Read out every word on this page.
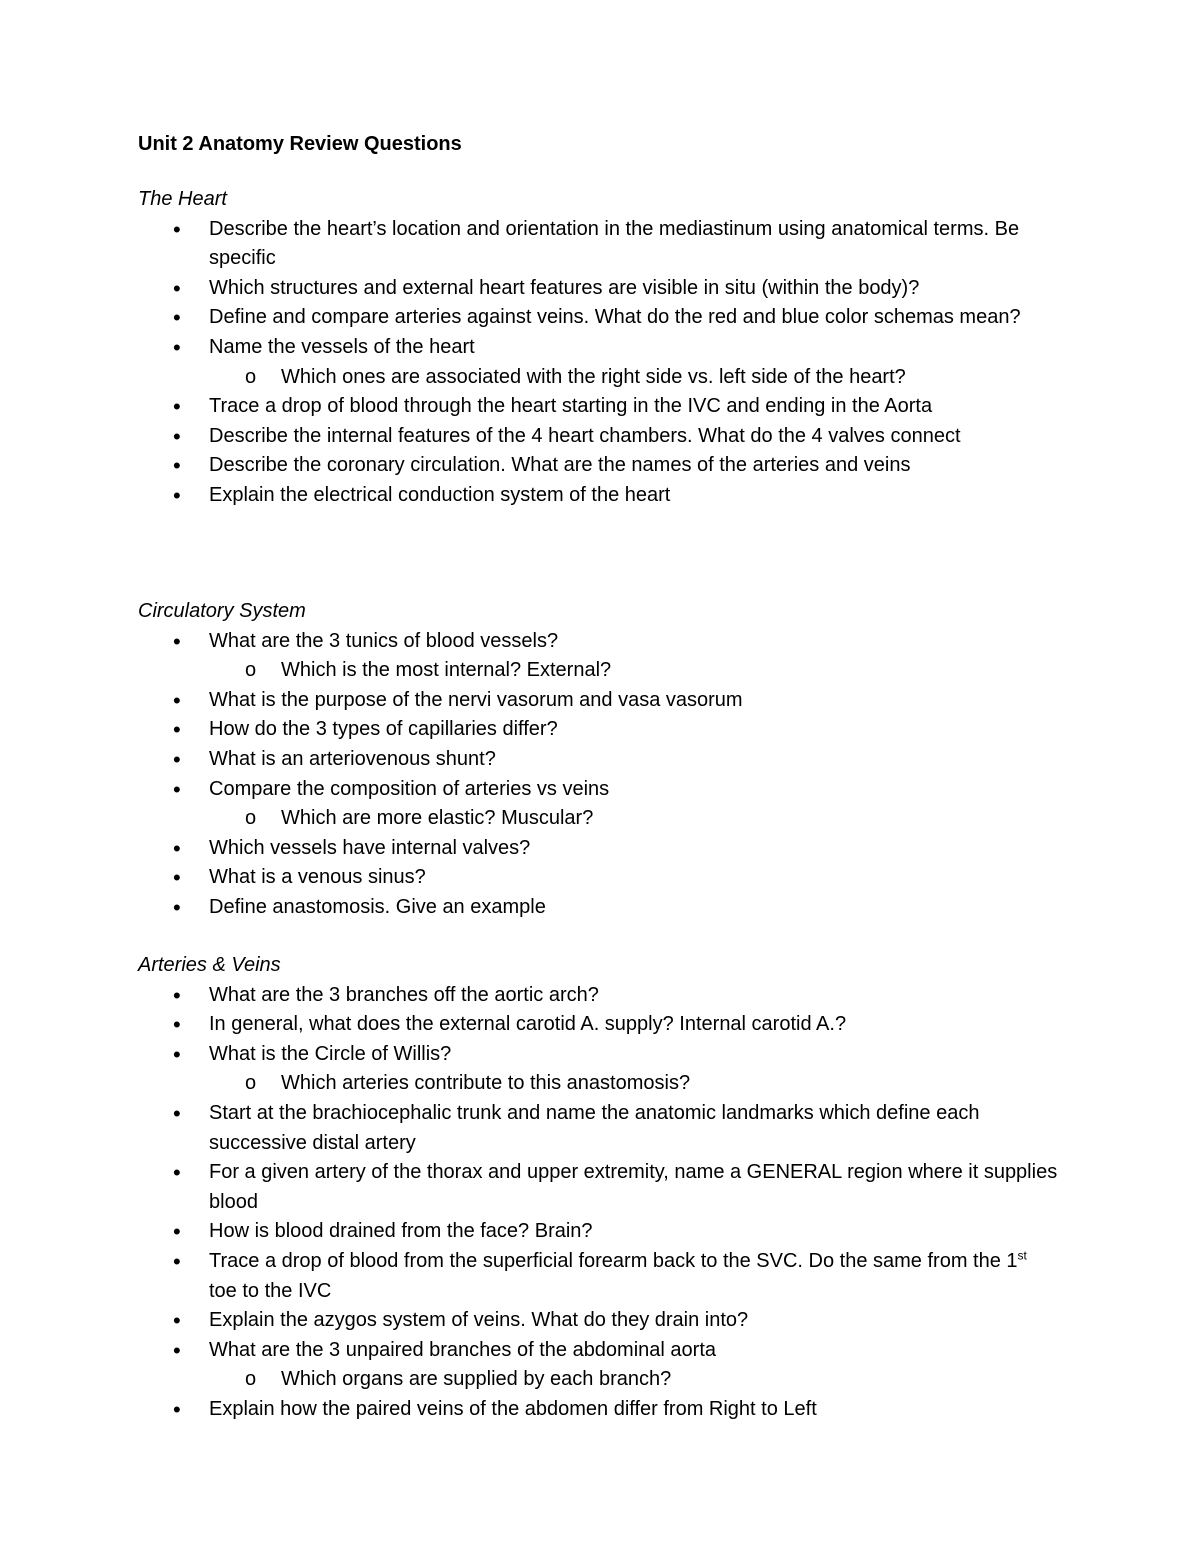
Unit 2 Anatomy Review Questions
The Heart
• Describe the heart’s location and orientation in the mediastinum using anatomical terms. Be specific
• Which structures and external heart features are visible in situ (within the body)?
• Define and compare arteries against veins. What do the red and blue color schemas mean?
• Name the vessels of the heart
o Which ones are associated with the right side vs. left side of the heart?
• Trace a drop of blood through the heart starting in the IVC and ending in the Aorta
• Describe the internal features of the 4 heart chambers. What do the 4 valves connect
• Describe the coronary circulation. What are the names of the arteries and veins
• Explain the electrical conduction system of the heart
Circulatory System
• What are the 3 tunics of blood vessels?
o Which is the most internal? External?
• What is the purpose of the nervi vasorum and vasa vasorum
• How do the 3 types of capillaries differ?
• What is an arteriovenous shunt?
• Compare the composition of arteries vs veins
o Which are more elastic? Muscular?
• Which vessels have internal valves?
• What is a venous sinus?
• Define anastomosis. Give an example
Arteries & Veins
• What are the 3 branches off the aortic arch?
• In general, what does the external carotid A. supply? Internal carotid A.?
• What is the Circle of Willis?
o Which arteries contribute to this anastomosis?
• Start at the brachiocephalic trunk and name the anatomic landmarks which define each successive distal artery
• For a given artery of the thorax and upper extremity, name a GENERAL region where it supplies blood
• How is blood drained from the face? Brain?
• Trace a drop of blood from the superficial forearm back to the SVC. Do the same from the 1st toe to the IVC
• Explain the azygos system of veins. What do they drain into?
• What are the 3 unpaired branches of the abdominal aorta
o Which organs are supplied by each branch?
• Explain how the paired veins of the abdomen differ from Right to Left
